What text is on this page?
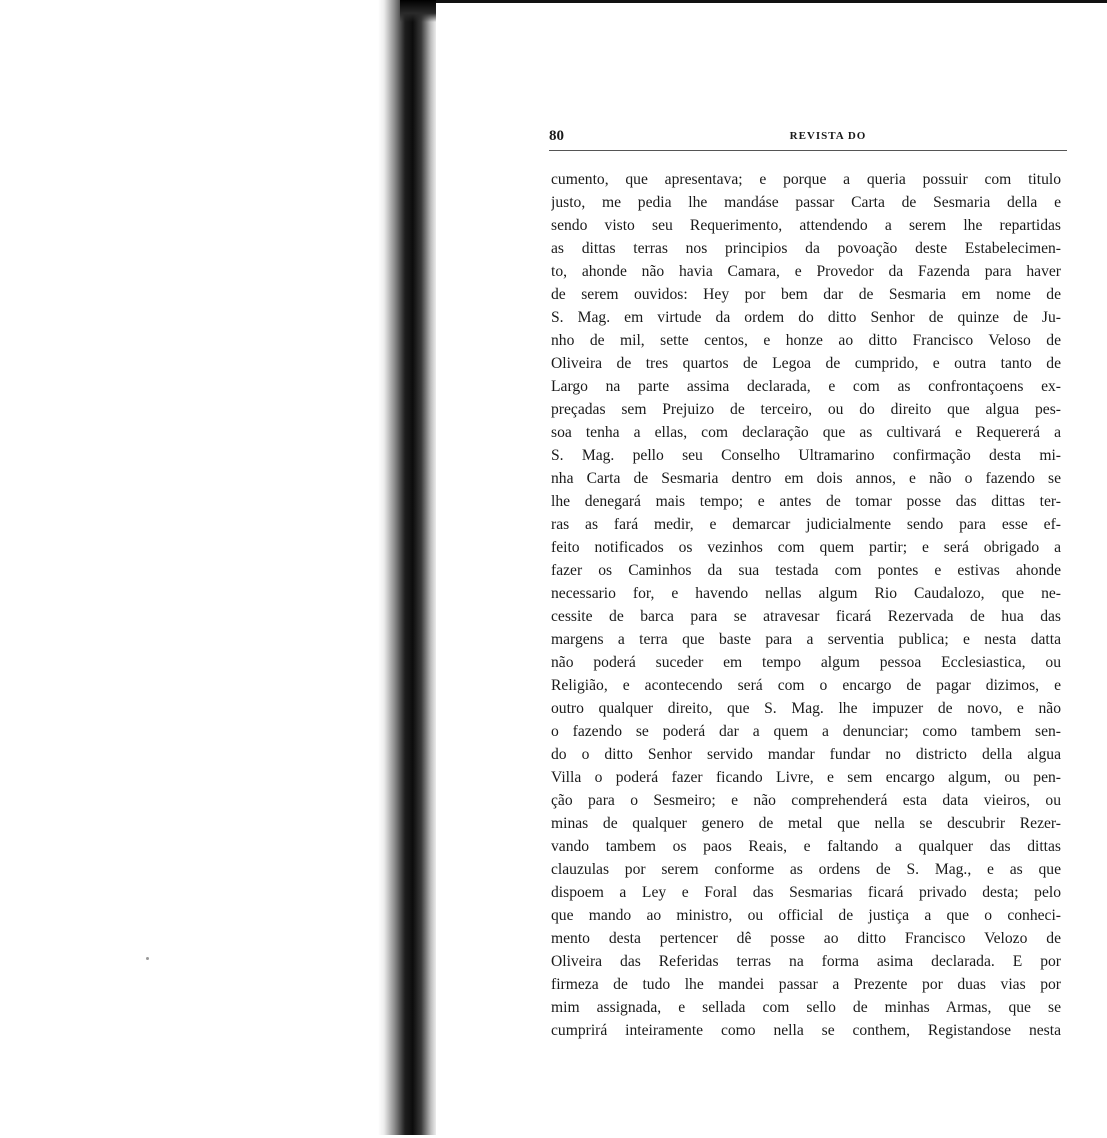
80	REVISTA DO
cumento, que apresentava; e porque a queria possuir com titulo
justo, me pedia lhe mandáse passar Carta de Sesmaria della e
sendo visto seu Requerimento, attendendo a serem lhe repartidas
as dittas terras nos principios da povoação deste Estabelecimen-
to, ahonde não havia Camara, e Provedor da Fazenda para haver
de serem ouvidos: Hey por bem dar de Sesmaria em nome de
S. Mag. em virtude da ordem do ditto Senhor de quinze de Ju-
nho de mil, sette centos, e honze ao ditto Francisco Veloso de
Oliveira de tres quartos de Legoa de cumprido, e outra tanto de
Largo na parte assima declarada, e com as confrontaçoens ex-
preçadas sem Prejuizo de terceiro, ou do direito que algua pes-
soa tenha a ellas, com declaração que as cultivará e Requererá a
S. Mag. pello seu Conselho Ultramarino confirmação desta mi-
nha Carta de Sesmaria dentro em dois annos, e não o fazendo se
lhe denegará mais tempo; e antes de tomar posse das dittas ter-
ras as fará medir, e demarcar judicialmente sendo para esse ef-
feito notificados os vezinhos com quem partir; e será obrigado a
fazer os Caminhos da sua testada com pontes e estivas ahonde
necessario for, e havendo nellas algum Rio Caudalozo, que ne-
cessite de barca para se atravesar ficará Rezervada de hua das
margens a terra que baste para a serventia publica; e nesta datta
não poderá suceder em tempo algum pessoa Ecclesiastica, ou
Religião, e acontecendo será com o encargo de pagar dizimos, e
outro qualquer direito, que S. Mag. lhe impuzer de novo, e não
o fazendo se poderá dar a quem a denunciar; como tambem sen-
do o ditto Senhor servido mandar fundar no districto della algua
Villa o poderá fazer ficando Livre, e sem encargo algum, ou pen-
ção para o Sesmeiro; e não comprehenderá esta data vieiros, ou
minas de qualquer genero de metal que nella se descubrir Rezer-
vando tambem os paos Reais, e faltando a qualquer das dittas
clauzulas por serem conforme as ordens de S. Mag., e as que
dispoem a Ley e Foral das Sesmarias ficará privado desta; pelo
que mando ao ministro, ou official de justiça a que o conheci-
mento desta pertencer dê posse ao ditto Francisco Velozo de
Oliveira das Referidas terras na forma asima declarada. E por
firmeza de tudo lhe mandei passar a Prezente por duas vias por
mim assignada, e sellada com sello de minhas Armas, que se
cumprirá inteiramente como nella se conthem, Registandose nesta
